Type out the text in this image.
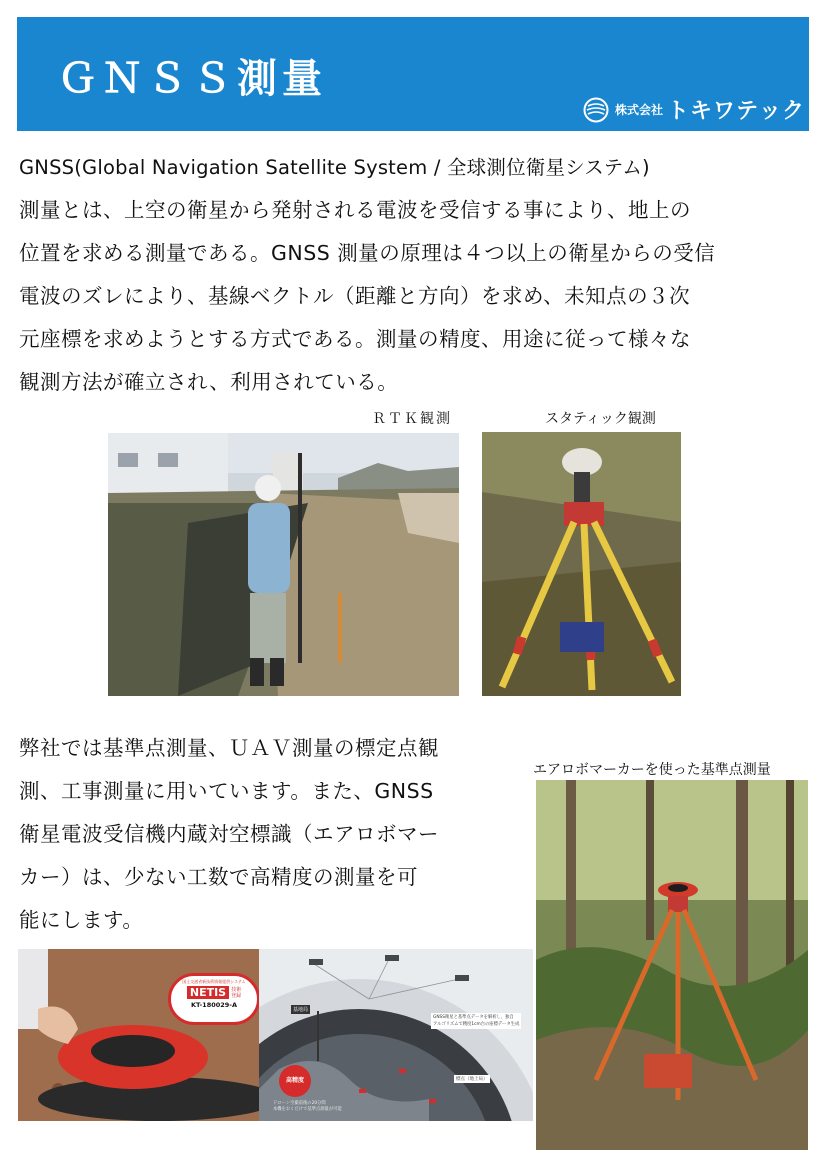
ＧＮＳＳ測量
株式会社 トキワテック

GNSS(Global Navigation Satellite System / 全球測位衛星システム)

測量とは、上空の衛星から発射される電波を受信する事により、地上の

位置を求める測量である。GNSS 測量の原理は４つ以上の衛星からの受信

電波のズレにより、基線ベクトル（距離と方向）を求め、未知点の３次

元座標を求めようとする方式である。測量の精度、用途に従って様々な

観測方法が確立され、利用されている。

ＲＴＫ観測	スタティック観測
エアロボマーカーを使った基準点測量

弊社では基準点測量、ＵＡＶ測量の標定点観

測、工事測量に用いています。また、GNSS

衛星電波受信機内蔵対空標識（エアロボマー

カー）は、少ない工数で高精度の測量を可

能にします。

国土交通省新技術情報提供システム
NETIS	技術
登録
KT-180029-A
基地局
GNSS衛星と基準点データを解析し、独自
アルゴリズムで精度1cm台の座標データ生成
高精度	標点（地上局）
ドローン空撮前後の20分間
本機をおくだけで基準点測量が可能
